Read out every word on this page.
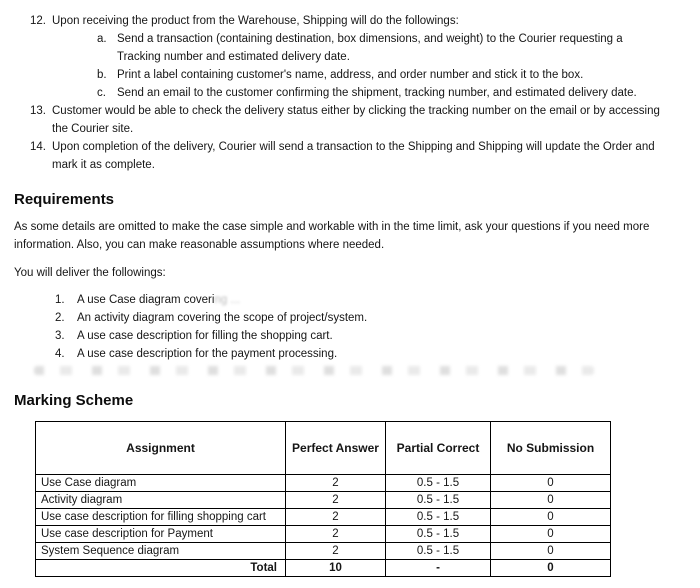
12. Upon receiving the product from the Warehouse, Shipping will do the followings:
a. Send a transaction (containing destination, box dimensions, and weight) to the Courier requesting a Tracking number and estimated delivery date.
b. Print a label containing customer's name, address, and order number and stick it to the box.
c. Send an email to the customer confirming the shipment, tracking number, and estimated delivery date.
13. Customer would be able to check the delivery status either by clicking the tracking number on the email or by accessing the Courier site.
14. Upon completion of the delivery, Courier will send a transaction to the Shipping and Shipping will update the Order and mark it as complete.
Requirements
As some details are omitted to make the case simple and workable with in the time limit, ask your questions if you need more information. Also, you can make reasonable assumptions where needed.
You will deliver the followings:
1.	A use Case diagram covering ...
2.	An activity diagram covering the scope of project/system.
3.	A use case description for filling the shopping cart.
4.	A use case description for the payment processing.
Marking Scheme
Assignment	Perfect Answer	Partial Correct	No Submission
Use Case diagram	2	0.5 - 1.5	0
Activity diagram	2	0.5 - 1.5	0
Use case description for filling shopping cart	2	0.5 - 1.5	0
Use case description for Payment	2	0.5 - 1.5	0
System Sequence diagram	2	0.5 - 1.5	0
Total	10	-	0
